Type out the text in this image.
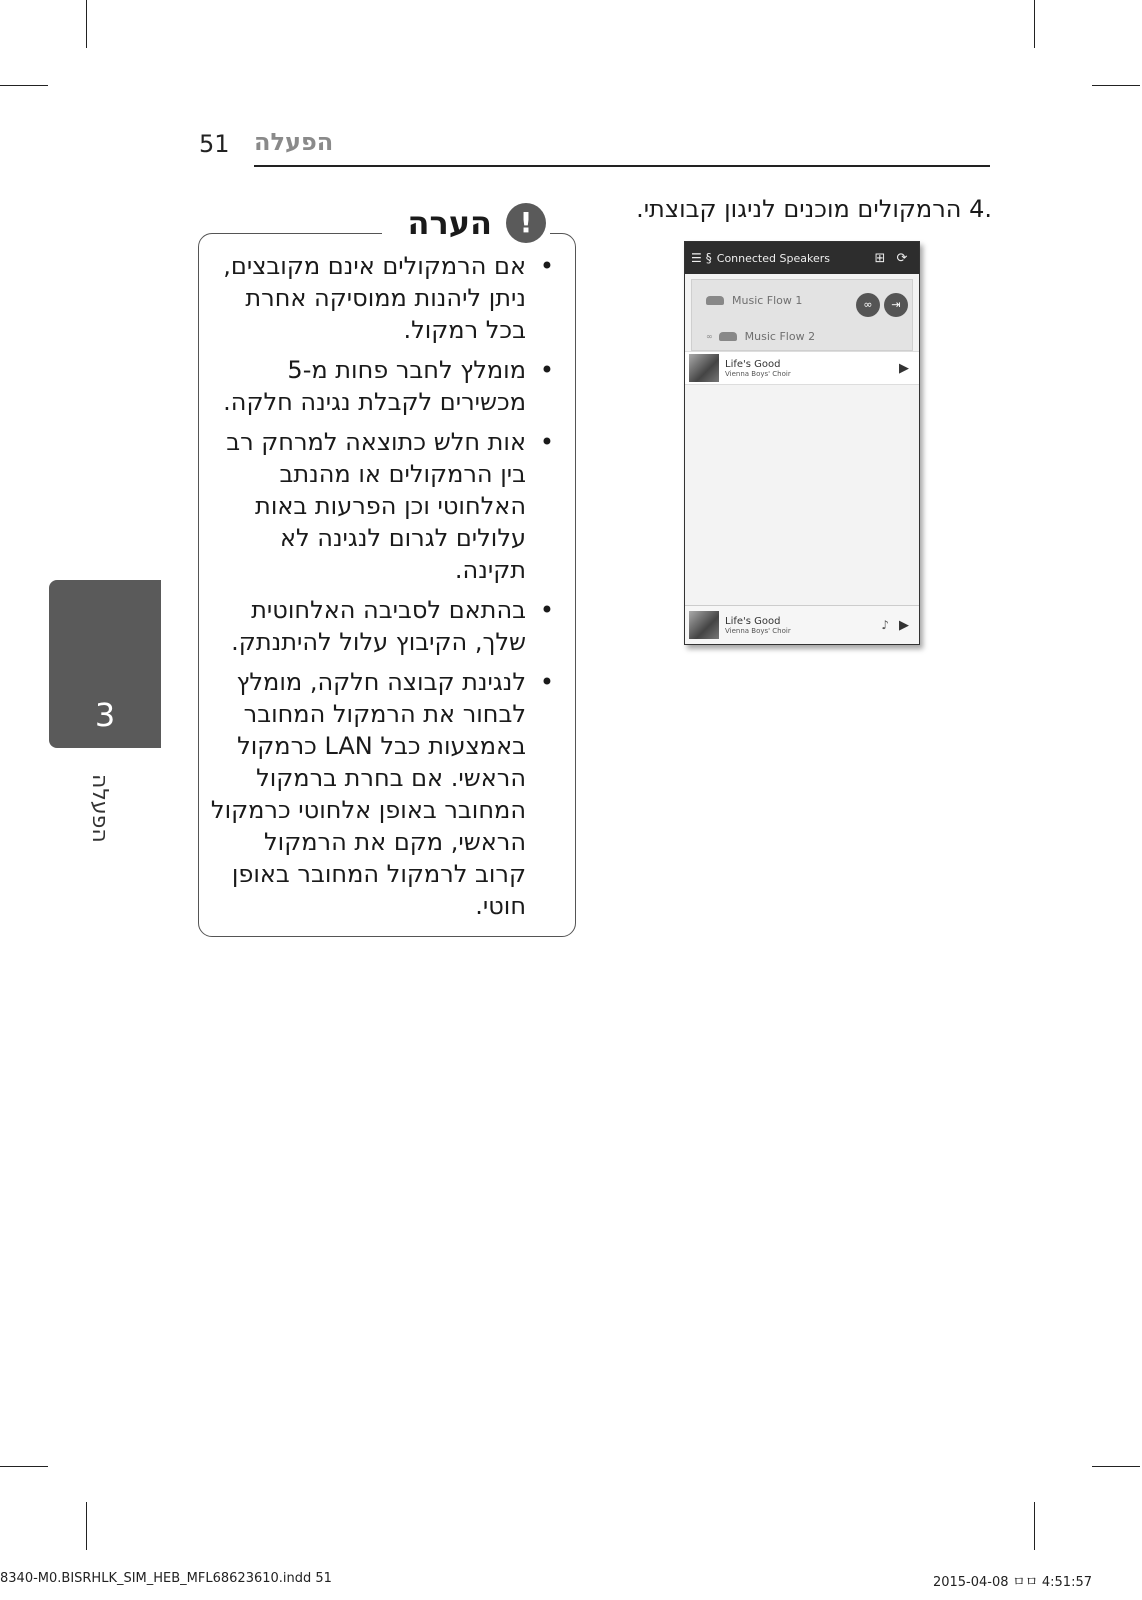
51 הפעלה
3
הפעלה
.4 הרמקולים מוכנים לניגון קבוצתי.
הערה !
•
אם הרמקולים אינם מקובצים, ניתן ליהנות ממוסיקה אחרת בכל רמקול.
•
מומלץ לחבר פחות מ-5 מכשירים לקבלת נגינה חלקה.
•
אות חלש כתוצאה למרחק רב בין הרמקולים או מהנתב האלחוטי וכן הפרעות באות עלולים לגרום לנגינה לא תקינה.
•
בהתאם לסביבה האלחוטית שלך, הקיבוץ עלול להיתנתק.
•
לנגינת קבוצה חלקה, מומלץ לבחור את הרמקול המחובר באמצעות כבל LAN כרמקול הראשי. אם בחרת ברמקול המחובר באופן אלחוטי כרמקול הראשי, מקם את הרמקול קרוב לרמקול המחובר באופן חוטי.
☰ § Connected Speakers	⊞ ⟳
Music Flow 1
∞	Music Flow 2
∞	⇥
Life's Good
Vienna Boys' Choir	▶
Life's Good
Vienna Boys' Choir	♪ ▶
8340-M0.BISRHLK_SIM_HEB_MFL68623610.indd 51	2015-04-08 ㅁㅁ 4:51:57
